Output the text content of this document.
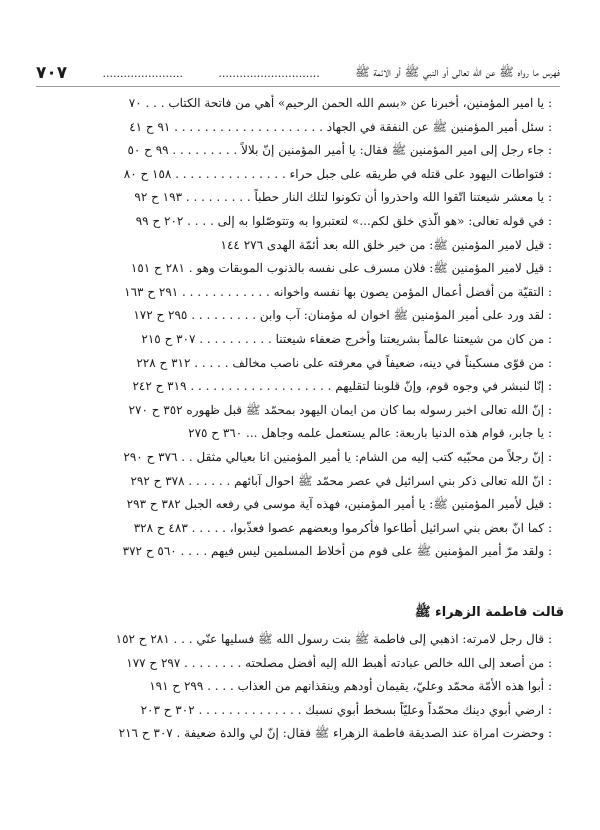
فهرس ما رواه ﷺ عن الله تعالى أو النبي ﷺ أو الائمة ﷺ
.............................
.......................
٧٠٧
: يا امير المؤمنين، أخبرنا عن «بسم الله الحمن الرحيم» أهي من فاتحة الكتاب . . . ٧٠
: سئل أمير المؤمنين ﷺ عن النفقة في الجهاد . . . . . . . . . . . . . . . . . . . . ٩١ ح ٤١
: جاء رجل إلى امير المؤمنين ﷺ فقال: يا أمير المؤمنين إنّ بلالاً . . . . . . . . . ٩٩ ح ٥٠
: فتواطات اليهود على قتله في طريقه على جبل حراء . . . . . . . . . . . . . . . ١٥٨ ح ٨٠
: يا معشر شيعتنا اتّقوا الله واحذروا أن تكونوا لتلك النار حطباً . . . . . . . . . ١٩٣ ح ٩٢
: في قوله تعالى: «هو الّذي خلق لكم...» لتعتبروا به وتتوصّلوا به إلى . . . . ٢٠٢ ح ٩٩
: قيل لامير المؤمنين ﷺ: من خير خلق الله بعد أئمّة الهدى ٢٧٦ ١٤٤
: قيل لامير المؤمنين ﷺ: فلان مسرف على نفسه بالذنوب الموبقات وهو . ٢٨١ ح ١٥١
: التقيّة من أفضل أعمال المؤمن يصون بها نفسه واخوانه . . . . . . . . . . . . ٢٩١ ح ١٦٣
: لقد ورد على أمير المؤمنين ﷺ اخوان له مؤمنان: آب وابن . . . . . . . . . ٢٩٥ ح ١٧٢
: من كان من شيعتنا عالماً بشريعتنا وأخرج ضعفاء شيعتنا . . . . . . . . . . ٣٠٧ ح ٢١٥
: من قوّى مسكيناً في دينه، ضعيفاً في معرفته على ناصب مخالف . . . . . ٣١٢ ح ٢٢٨
: إنّا لنبشر في وجوه قوم، وإنّ قلوبنا لتقليهم . . . . . . . . . . . . . . . . . . . ٣١٩ ح ٢٤٢
: إنّ الله تعالى اخبر رسوله بما كان من ايمان اليهود بمحمّد ﷺ قبل ظهوره ٣٥٢ ح ٢٧٠
: يا جابر، قوام هذه الدنيا باربعة: عالم يستعمل علمه وجاهل ... ٣٦٠ ح ٢٧٥
: إنّ رجلاً من محبّيه كتب إليه من الشام: يا أمير المؤمنين انا بعيالي مثقل . . ٣٧٦ ح ٢٩٠
: انّ الله تعالى ذكر بني اسرائيل في عصر محمّد ﷺ احوال آبائهم . . . . . . ٣٧٨ ح ٢٩٢
: قيل لأمير المؤمنين ﷺ: يا أمير المؤمنين، فهذه آية موسى في رفعه الجبل ٣٨٢ ح ٢٩٣
: كما انّ بعض بني اسرائيل أطاعوا فأكرموا وبعضهم عصوا فعذّبوا، . . . . . ٤٨٣ ح ٣٢٨
: ولقد مرّ أمير المؤمنين ﷺ على قوم من أخلاط المسلمين ليس فيهم . . . . ٥٦٠ ح ٣٧٢
قالت فاطمة الزهراء ﷺ
: قال رجل لامرته: اذهبي إلى فاطمة ﷺ بنت رسول الله ﷺ فسليها عنّي . . . ٢٨١ ح ١٥٢
: من أصعد إلى الله خالص عبادته أهبط الله إليه أفضل مصلحته . . . . . . . . ٢٩٧ ح ١٧٧
: أبوا هذه الأمّة محمّد وعليّ، يقيمان أودهم وينقذانهم من العذاب . . . . ٢٩٩ ح ١٩١
: ارضي أبوي دينك محمّداً وعليّاً بسخط أبوي نسبك . . . . . . . . . . . . . . ٣٠٢ ح ٢٠٣
: وحضرت امراة عند الصديقة فاطمة الزهراء ﷺ فقال: إنّ لي والدة ضعيفة . ٣٠٧ ح ٢١٦
